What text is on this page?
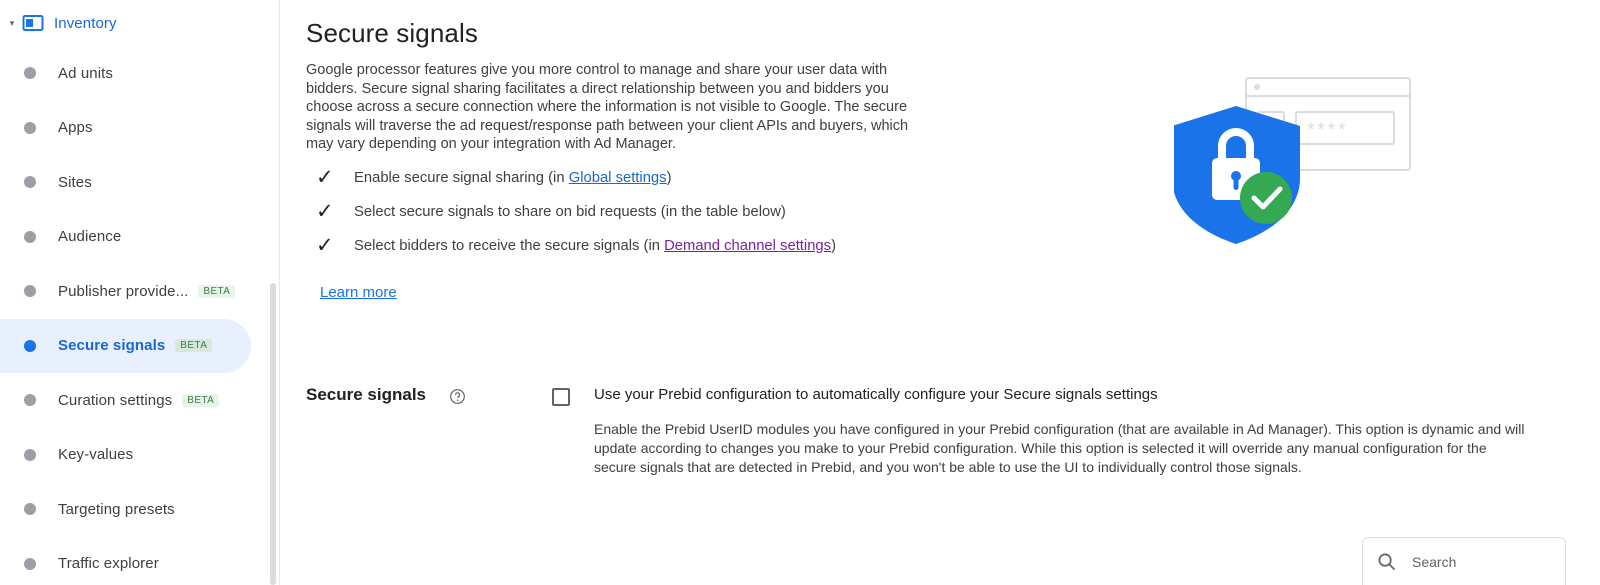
▾	Inventory
Ad units
Apps
Sites
Audience
Publisher provide...	BETA
Secure signals	BETA
Curation settings	BETA
Key-values
Targeting presets
Traffic explorer
Secure signals

Google processor features give you more control to manage and share your user data with bidders. Secure signal sharing facilitates a direct relationship between you and bidders you choose across a secure connection where the information is not visible to Google. The secure signals will traverse the ad request/response path between your client APIs and buyers, which may vary depending on your integration with Ad Manager.

✓	Enable secure signal sharing (in Global settings)
✓	Select secure signals to share on bid requests (in the table below)
✓	Select bidders to receive the secure signals (in Demand channel settings)
Learn more
****
Secure signals	Use your Prebid configuration to automatically configure your Secure signals settings
Enable the Prebid UserID modules you have configured in your Prebid configuration (that are available in Ad Manager). This option is dynamic and will update according to changes you make to your Prebid configuration. While this option is selected it will override any manual configuration for the secure signals that are detected in Prebid, and you won't be able to use the UI to individually control those signals.
Search
